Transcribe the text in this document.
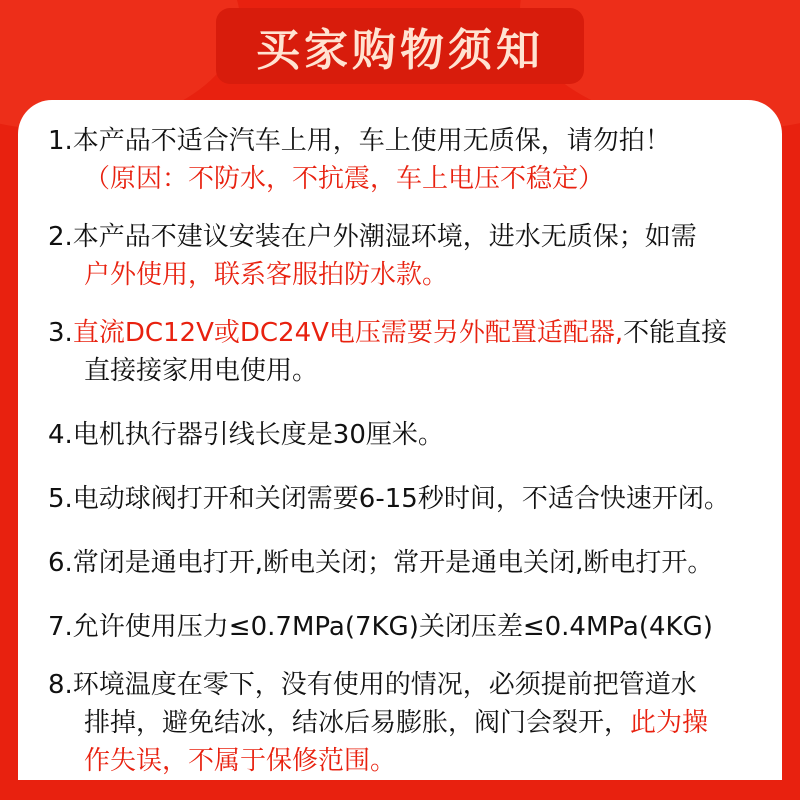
买家购物须知
1.本产品不适合汽车上用，车上使用无质保，请勿拍！
（原因：不防水，不抗震，车上电压不稳定）
2.本产品不建议安装在户外潮湿环境，进水无质保；如需
户外使用，联系客服拍防水款。
3.直流DC12V或DC24V电压需要另外配置适配器,不能直接
直接接家用电使用。
4.电机执行器引线长度是30厘米。
5.电动球阀打开和关闭需要6-15秒时间，不适合快速开闭。
6.常闭是通电打开,断电关闭；常开是通电关闭,断电打开。
7.允许使用压力≤0.7MPa(7KG)关闭压差≤0.4MPa(4KG)
8.环境温度在零下，没有使用的情况，必须提前把管道水
排掉，避免结冰，结冰后易膨胀，阀门会裂开，此为操
作失误，不属于保修范围。
